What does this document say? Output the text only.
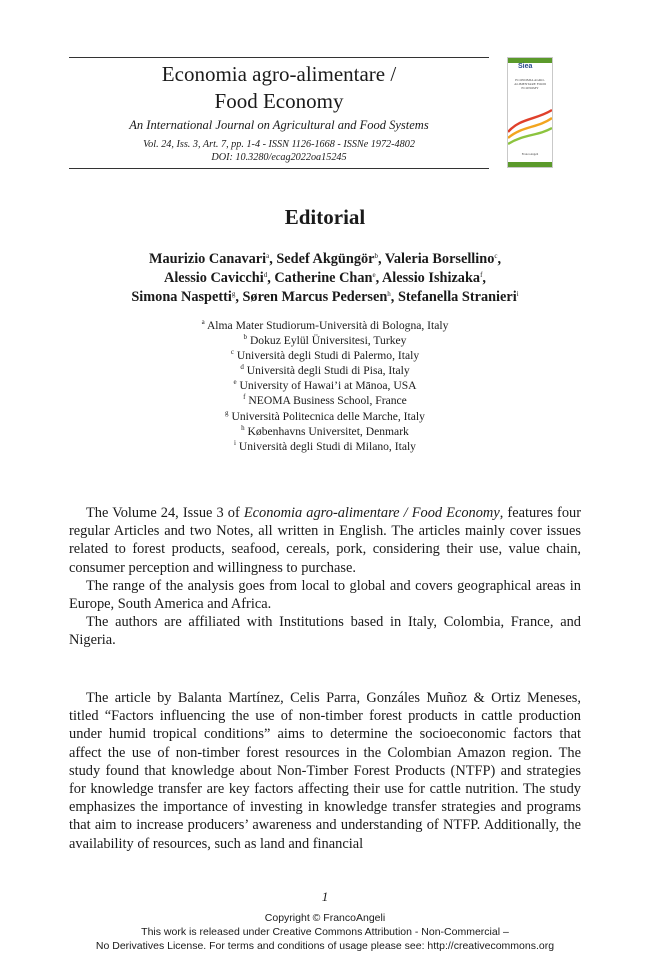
Economia agro-alimentare /
Food Economy
An International Journal on Agricultural and Food Systems
Vol. 24, Iss. 3, Art. 7, pp. 1-4 - ISSN 1126-1668 - ISSNe 1972-4802
DOI: 10.3280/ecag2022oa15245
Siea
ECONOMIA AGRO-ALIMENTARE FOOD ECONOMY
FrancoAngeli
Editorial
Maurizio Canavari$^a$, Sedef Akgüngör$^b$, Valeria Borsellino$^c$,
Alessio Cavicchi$^d$, Catherine Chan$^e$, Alessio Ishizaka$^f$,
Simona Naspetti$^g$, Søren Marcus Pedersen$^h$, Stefanella Stranieri$^i$
$^a$ Alma Mater Studiorum-Università di Bologna, Italy
$^b$ Dokuz Eylül Üniversitesi, Turkey
$^c$ Università degli Studi di Palermo, Italy
$^d$ Università degli Studi di Pisa, Italy
$^e$ University of Hawai’i at Mānoa, USA
$^f$ NEOMA Business School, France
$^g$ Università Politecnica delle Marche, Italy
$^h$ Københavns Universitet, Denmark
$^i$ Università degli Studi di Milano, Italy

The Volume 24, Issue 3 of Economia agro-alimentare / Food Economy, features four regular Articles and two Notes, all written in English. The articles mainly cover issues related to forest products, seafood, cereals, pork, considering their use, value chain, consumer perception and willingness to purchase.

The range of the analysis goes from local to global and covers geographical areas in Europe, South America and Africa.

The authors are affiliated with Institutions based in Italy, Colombia, France, and Nigeria.

The article by Balanta Martínez, Celis Parra, Gonzáles Muñoz & Ortiz Meneses, titled “Factors influencing the use of non-timber forest products in cattle production under humid tropical conditions” aims to determine the socioeconomic factors that affect the use of non-timber forest resources in the Colombian Amazon region. The study found that knowledge about Non-Timber Forest Products (NTFP) and strategies for knowledge transfer are key factors affecting their use for cattle nutrition. The study emphasizes the importance of investing in knowledge transfer strategies and programs that aim to increase producers’ awareness and understanding of NTFP. Additionally, the availability of resources, such as land and financial

1
Copyright © FrancoAngeli
This work is released under Creative Commons Attribution - Non-Commercial –
No Derivatives License. For terms and conditions of usage please see: http://creativecommons.org
